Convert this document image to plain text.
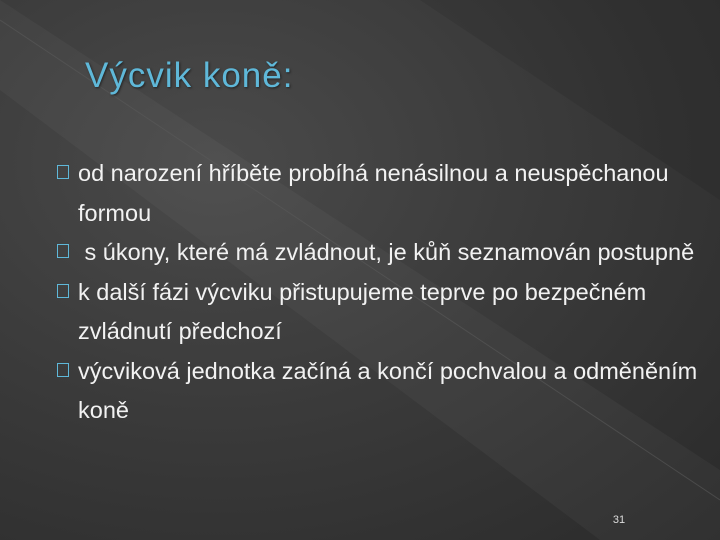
Výcvik koně:
od narození hříběte probíhá nenásilnou a neuspěchanou formou
s úkony, které má zvládnout, je kůň seznamován postupně
k další fázi výcviku přistupujeme teprve po bezpečném zvládnutí předchozí
výcviková jednotka začíná a končí pochvalou a odměněním koně
31
